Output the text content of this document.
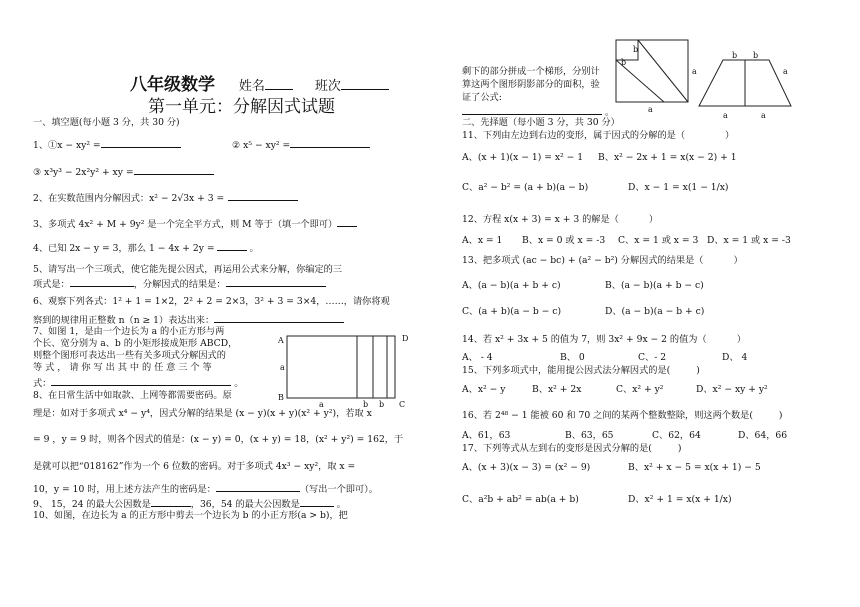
八年级数学 姓名	班次
第一单元：分解因式试题
一、填空题(每小题 3 分，共 30 分)
1、①x − xy² =	② x⁵ − xy² =
③ x³y³ − 2x²y² + xy =
2、在实数范围内分解因式：x² − 2√3x + 3 =
3、多项式 4x² + M + 9y² 是一个完全平方式，则 M 等于（填一个即可）
4、已知 2x − y = 3，那么 1 − 4x + 2y =	。
5、请写出一个三项式，使它能先提公因式，再运用公式来分解，你编定的三
项式是：	，分解因式的结果是：
6、观察下列各式：1² + 1 = 1×2，2² + 2 = 2×3，3² + 3 = 3×4，……，请你将观
察到的规律用正整数 n（n ≥ 1）表达出来：
7、如图 1，是由一个边长为 a 的小正方形与两
个长、宽分别为 a、b 的小矩形接成矩形 ABCD，
则整个图形可表达出一些有关多项式分解因式的
等 式 ， 请 你 写 出 其 中 的 任 意 三 个 等
式：	。
A	D
a
B
a	b b C
8、在日常生活中如取款、上网等都需要密码。原
理是：如对于多项式 x⁴ − y⁴，因式分解的结果是 (x − y)(x + y)(x² + y²)，若取 x
= 9 ，y = 9 时，则各个因式的值是：(x − y) = 0，(x + y) = 18，(x² + y²) = 162，于
是就可以把“018162”作为一个 6 位数的密码。对于多项式 4x³ − xy²，取 x =
10，y = 10 时，用上述方法产生的密码是：	（写出一个即可）。
9、 15，24 的最大公因数是	，36，54 的最大公因数是	。
10、如图，在边长为 a 的正方形中剪去一个边长为 b 的小正方形(a > b)，把
剩下的部分拼成一个梯形，分别计
算这两个图形阴影部分的面积，验
证了公式:
。
b
b
a
a
b b
a
a	a
二、先择题（每小题 3 分，共 30 分）
11、下列由左边到右边的变形，属于因式的分解的是（	）
A、(x + 1)(x − 1) = x² − 1 B、x² − 2x + 1 = x(x − 2) + 1
C、a² − b² = (a + b)(a − b)	D、x − 1 = x(1 − 1/x)
12、方程 x(x + 3) = x + 3 的解是（	）
A、x = 1 B、x = 0 或 x = -3 C、x = 1 或 x = 3 D、x = 1 或 x = -3
13、把多项式 (ac − bc) + (a² − b²) 分解因式的结果是（	）
A、(a − b)(a + b + c)	B、(a − b)(a + b − c)
C、(a + b)(a − b − c)	D、(a − b)(a − b + c)
14、若 x² + 3x + 5 的值为 7，则 3x² + 9x − 2 的值为（	）
A、 - 4	B、 0	C、- 2	D、 4
15、下列多项式中，能用提公因式法分解因式的是(	)
A、x² − y	B、x² + 2x	C、x² + y²	D、x² − xy + y²
16、若 2⁴⁸ − 1 能被 60 和 70 之间的某两个整数整除，则这两个数是(	)
A、61，63	B、63，65	C、62，64	D、64，66
17、下列等式从左到右的变形是因式分解的是(	)
A、(x + 3)(x − 3) = (x² − 9)	B、x² + x − 5 = x(x + 1) − 5
C、a²b + ab² = ab(a + b)	D、x² + 1 = x(x + 1/x)
